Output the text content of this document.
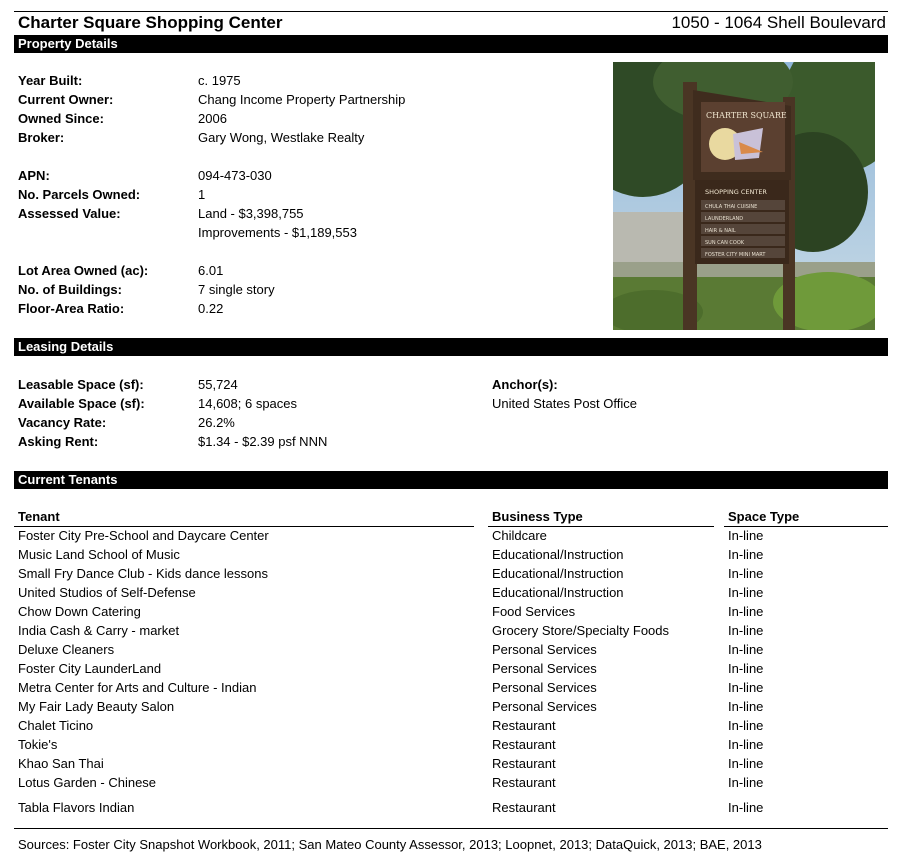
Charter Square Shopping Center	1050 - 1064 Shell Boulevard
Property Details
Year Built:	c. 1975
Current Owner:	Chang Income Property Partnership
Owned Since:	2006
Broker:	Gary Wong, Westlake Realty
APN:	094-473-030
No. Parcels Owned:	1
Assessed Value:	Land - $3,398,755
Improvements - $1,189,553
Lot Area Owned (ac):	6.01
No. of Buildings:	7 single story
Floor-Area Ratio:	0.22
CHARTER SQUARE
SHOPPING CENTER
CHULA THAI CUISINE
LAUNDERLAND
HAIR & NAIL
SUN CAN COOK
FOSTER CITY MINI MART
Leasing Details
Leasable Space (sf):	55,724
Available Space (sf):	14,608; 6 spaces
Vacancy Rate:	26.2%
Asking Rent:	$1.34 - $2.39 psf NNN
Anchor(s):
United States Post Office
Current Tenants
Tenant	Business Type	Space Type
Foster City Pre-School and Daycare Center	Childcare	In-line
Music Land School of Music	Educational/Instruction	In-line
Small Fry Dance Club - Kids dance lessons	Educational/Instruction	In-line
United Studios of Self-Defense	Educational/Instruction	In-line
Chow Down Catering	Food Services	In-line
India Cash & Carry - market	Grocery Store/Specialty Foods	In-line
Deluxe Cleaners	Personal Services	In-line
Foster City LaunderLand	Personal Services	In-line
Metra Center for Arts and Culture - Indian	Personal Services	In-line
My Fair Lady Beauty Salon	Personal Services	In-line
Chalet Ticino	Restaurant	In-line
Tokie's	Restaurant	In-line
Khao San Thai	Restaurant	In-line
Lotus Garden - Chinese	Restaurant	In-line
Tabla Flavors Indian	Restaurant	In-line
Sources: Foster City Snapshot Workbook, 2011; San Mateo County Assessor, 2013; Loopnet, 2013; DataQuick, 2013; BAE, 2013
